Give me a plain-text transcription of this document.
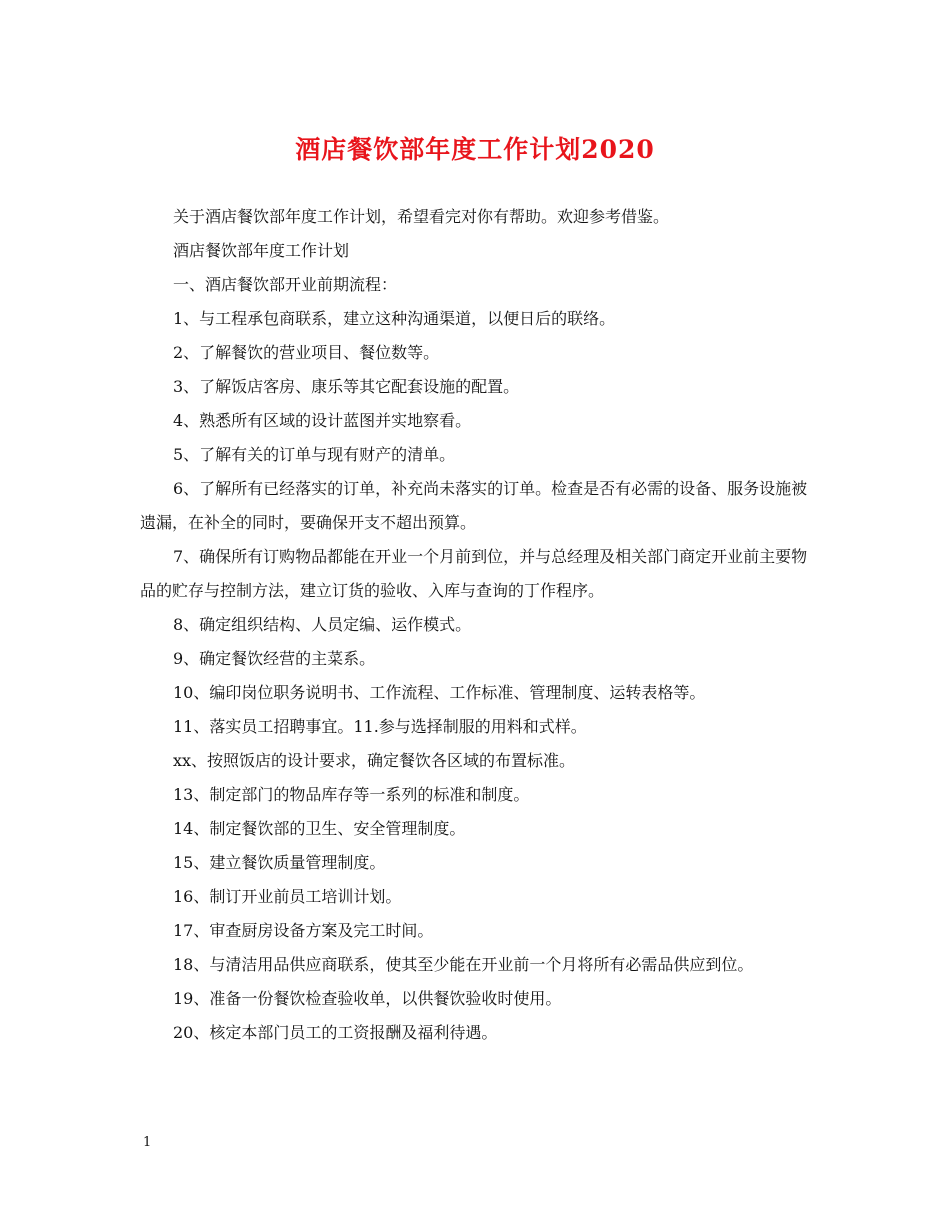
酒店餐饮部年度工作计划2020

关于酒店餐饮部年度工作计划，希望看完对你有帮助。欢迎参考借鉴。

酒店餐饮部年度工作计划

一、酒店餐饮部开业前期流程：

1、与工程承包商联系，建立这种沟通渠道，以便日后的联络。

2、了解餐饮的营业项目、餐位数等。

3、了解饭店客房、康乐等其它配套设施的配置。

4、熟悉所有区域的设计蓝图并实地察看。

5、了解有关的订单与现有财产的清单。

6、了解所有已经落实的订单，补充尚未落实的订单。检查是否有必需的设备、服务设施被遗漏，在补全的同时，要确保开支不超出预算。

7、确保所有订购物品都能在开业一个月前到位，并与总经理及相关部门商定开业前主要物品的贮存与控制方法，建立订货的验收、入库与查询的丁作程序。

8、确定组织结构、人员定编、运作模式。

9、确定餐饮经营的主菜系。

10、编印岗位职务说明书、工作流程、工作标准、管理制度、运转表格等。

11、落实员工招聘事宜。11.参与选择制服的用料和式样。

xx、按照饭店的设计要求，确定餐饮各区域的布置标准。

13、制定部门的物品库存等一系列的标准和制度。

14、制定餐饮部的卫生、安全管理制度。

15、建立餐饮质量管理制度。

16、制订开业前员工培训计划。

17、审查厨房设备方案及完工时间。

18、与清洁用品供应商联系，使其至少能在开业前一个月将所有必需品供应到位。

19、准备一份餐饮检查验收单，以供餐饮验收时使用。

20、核定本部门员工的工资报酬及福利待遇。

1
